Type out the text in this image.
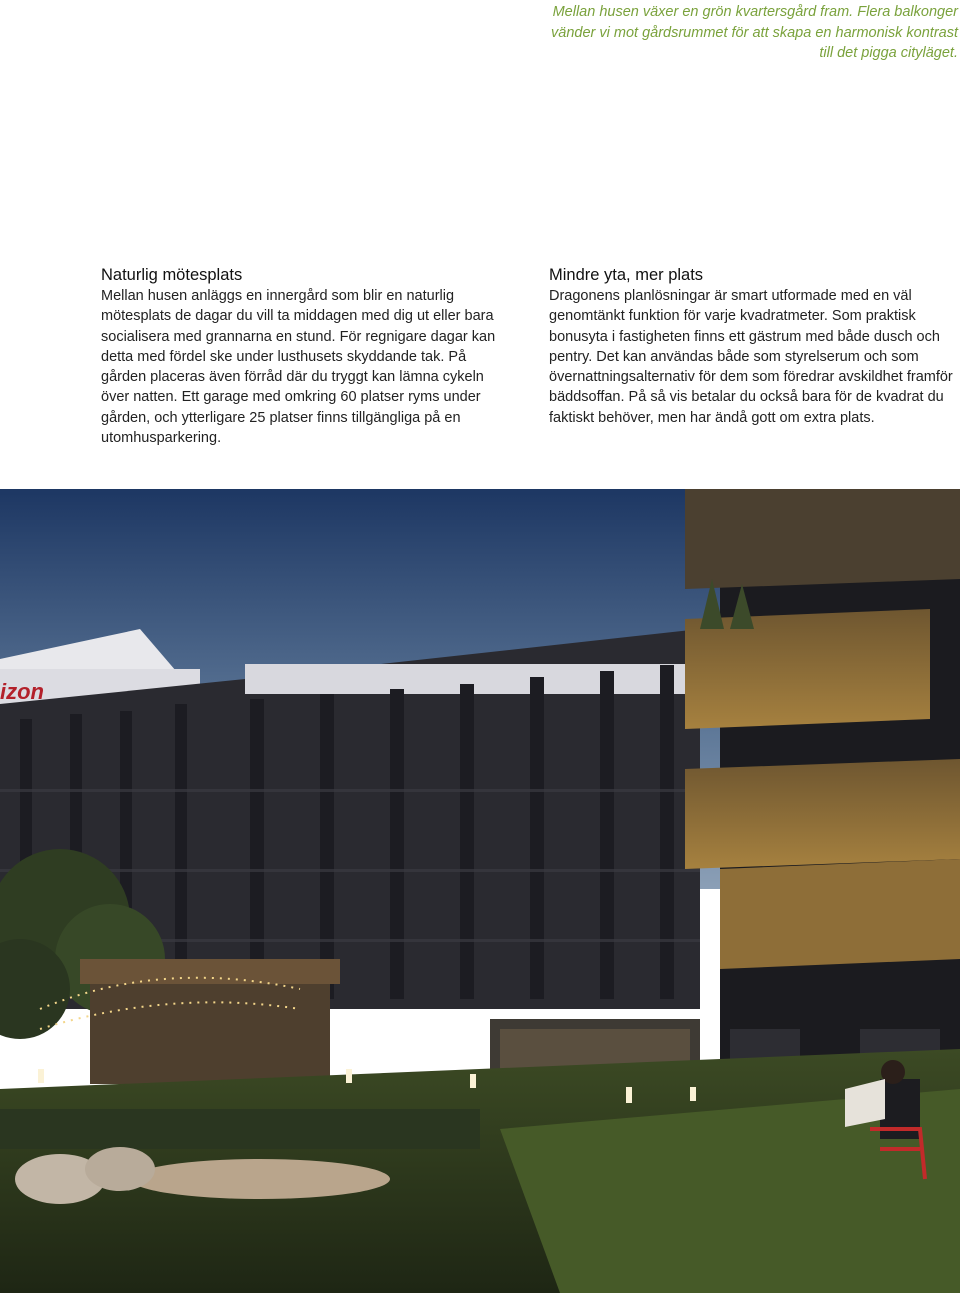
Mellan husen växer en grön kvartersgård fram. Flera balkonger vänder vi mot gårdsrummet för att skapa en harmonisk kontrast till det pigga cityläget.
Naturlig mötesplats

Mellan husen anläggs en innergård som blir en naturlig mötesplats de dagar du vill ta middagen med dig ut eller bara socialisera med grannarna en stund. För regnigare dagar kan detta med fördel ske under lusthusets skyddande tak. På gården placeras även förråd där du tryggt kan lämna cykeln över natten. Ett garage med omkring 60 platser ryms under gården, och ytterligare 25 platser finns tillgängliga på en utomhusparkering.

Mindre yta, mer plats

Dragonens planlösningar är smart utformade med en väl genomtänkt funktion för varje kvadratmeter. Som praktisk bonusyta i fastigheten finns ett gästrum med både dusch och pentry. Det kan användas både som styrelserum och som övernattningsalternativ för dem som föredrar avskildhet framför bäddsoffan. På så vis betalar du också bara för de kvadrat du faktiskt behöver, men har ändå gott om extra plats.

izon
